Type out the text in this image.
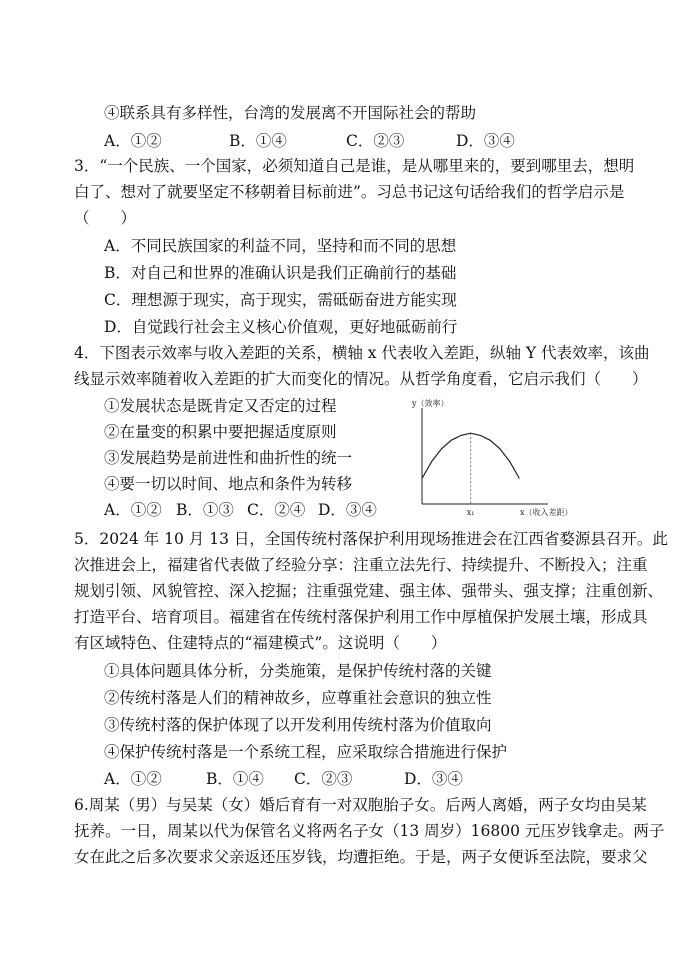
④联系具有多样性，台湾的发展离不开国际社会的帮助
A．①②	B．①④	C．②③	D．③④
3．“一个民族、一个国家，必须知道自己是谁，是从哪里来的，要到哪里去，想明
白了、想对了就要坚定不移朝着目标前进”。习总书记这句话给我们的哲学启示是
（　　）
A．不同民族国家的利益不同，坚持和而不同的思想
B．对自己和世界的准确认识是我们正确前行的基础
C．理想源于现实，高于现实，需砥砺奋进方能实现
D．自觉践行社会主义核心价值观，更好地砥砺前行
4．下图表示效率与收入差距的关系，横轴 x 代表收入差距，纵轴 Y 代表效率，该曲
线显示效率随着收入差距的扩大而变化的情况。从哲学角度看，它启示我们（　　）
①发展状态是既肯定又否定的过程
②在量变的积累中要把握适度原则
③发展趋势是前进性和曲折性的统一
④要一切以时间、地点和条件为转移
A．①② B．①③ C．②④ D．③④
y（效率）
x（收入差距）
x₁
5．2024 年 10 月 13 日，全国传统村落保护利用现场推进会在江西省婺源县召开。此
次推进会上，福建省代表做了经验分享：注重立法先行、持续提升、不断投入；注重
规划引领、风貌管控、深入挖掘；注重强党建、强主体、强带头、强支撑；注重创新、
打造平台、培育项目。福建省在传统村落保护利用工作中厚植保护发展土壤，形成具
有区域特色、住建特点的“福建模式”。这说明（　　）
①具体问题具体分析，分类施策，是保护传统村落的关键
②传统村落是人们的精神故乡，应尊重社会意识的独立性
③传统村落的保护体现了以开发利用传统村落为价值取向
④保护传统村落是一个系统工程，应采取综合措施进行保护
A．①②	B．①④ C．②③	D．③④
6.周某（男）与吴某（女）婚后育有一对双胞胎子女。后两人离婚，两子女均由吴某
抚养。一日，周某以代为保管名义将两名子女（13 周岁）16800 元压岁钱拿走。两子
女在此之后多次要求父亲返还压岁钱，均遭拒绝。于是，两子女便诉至法院，要求父
